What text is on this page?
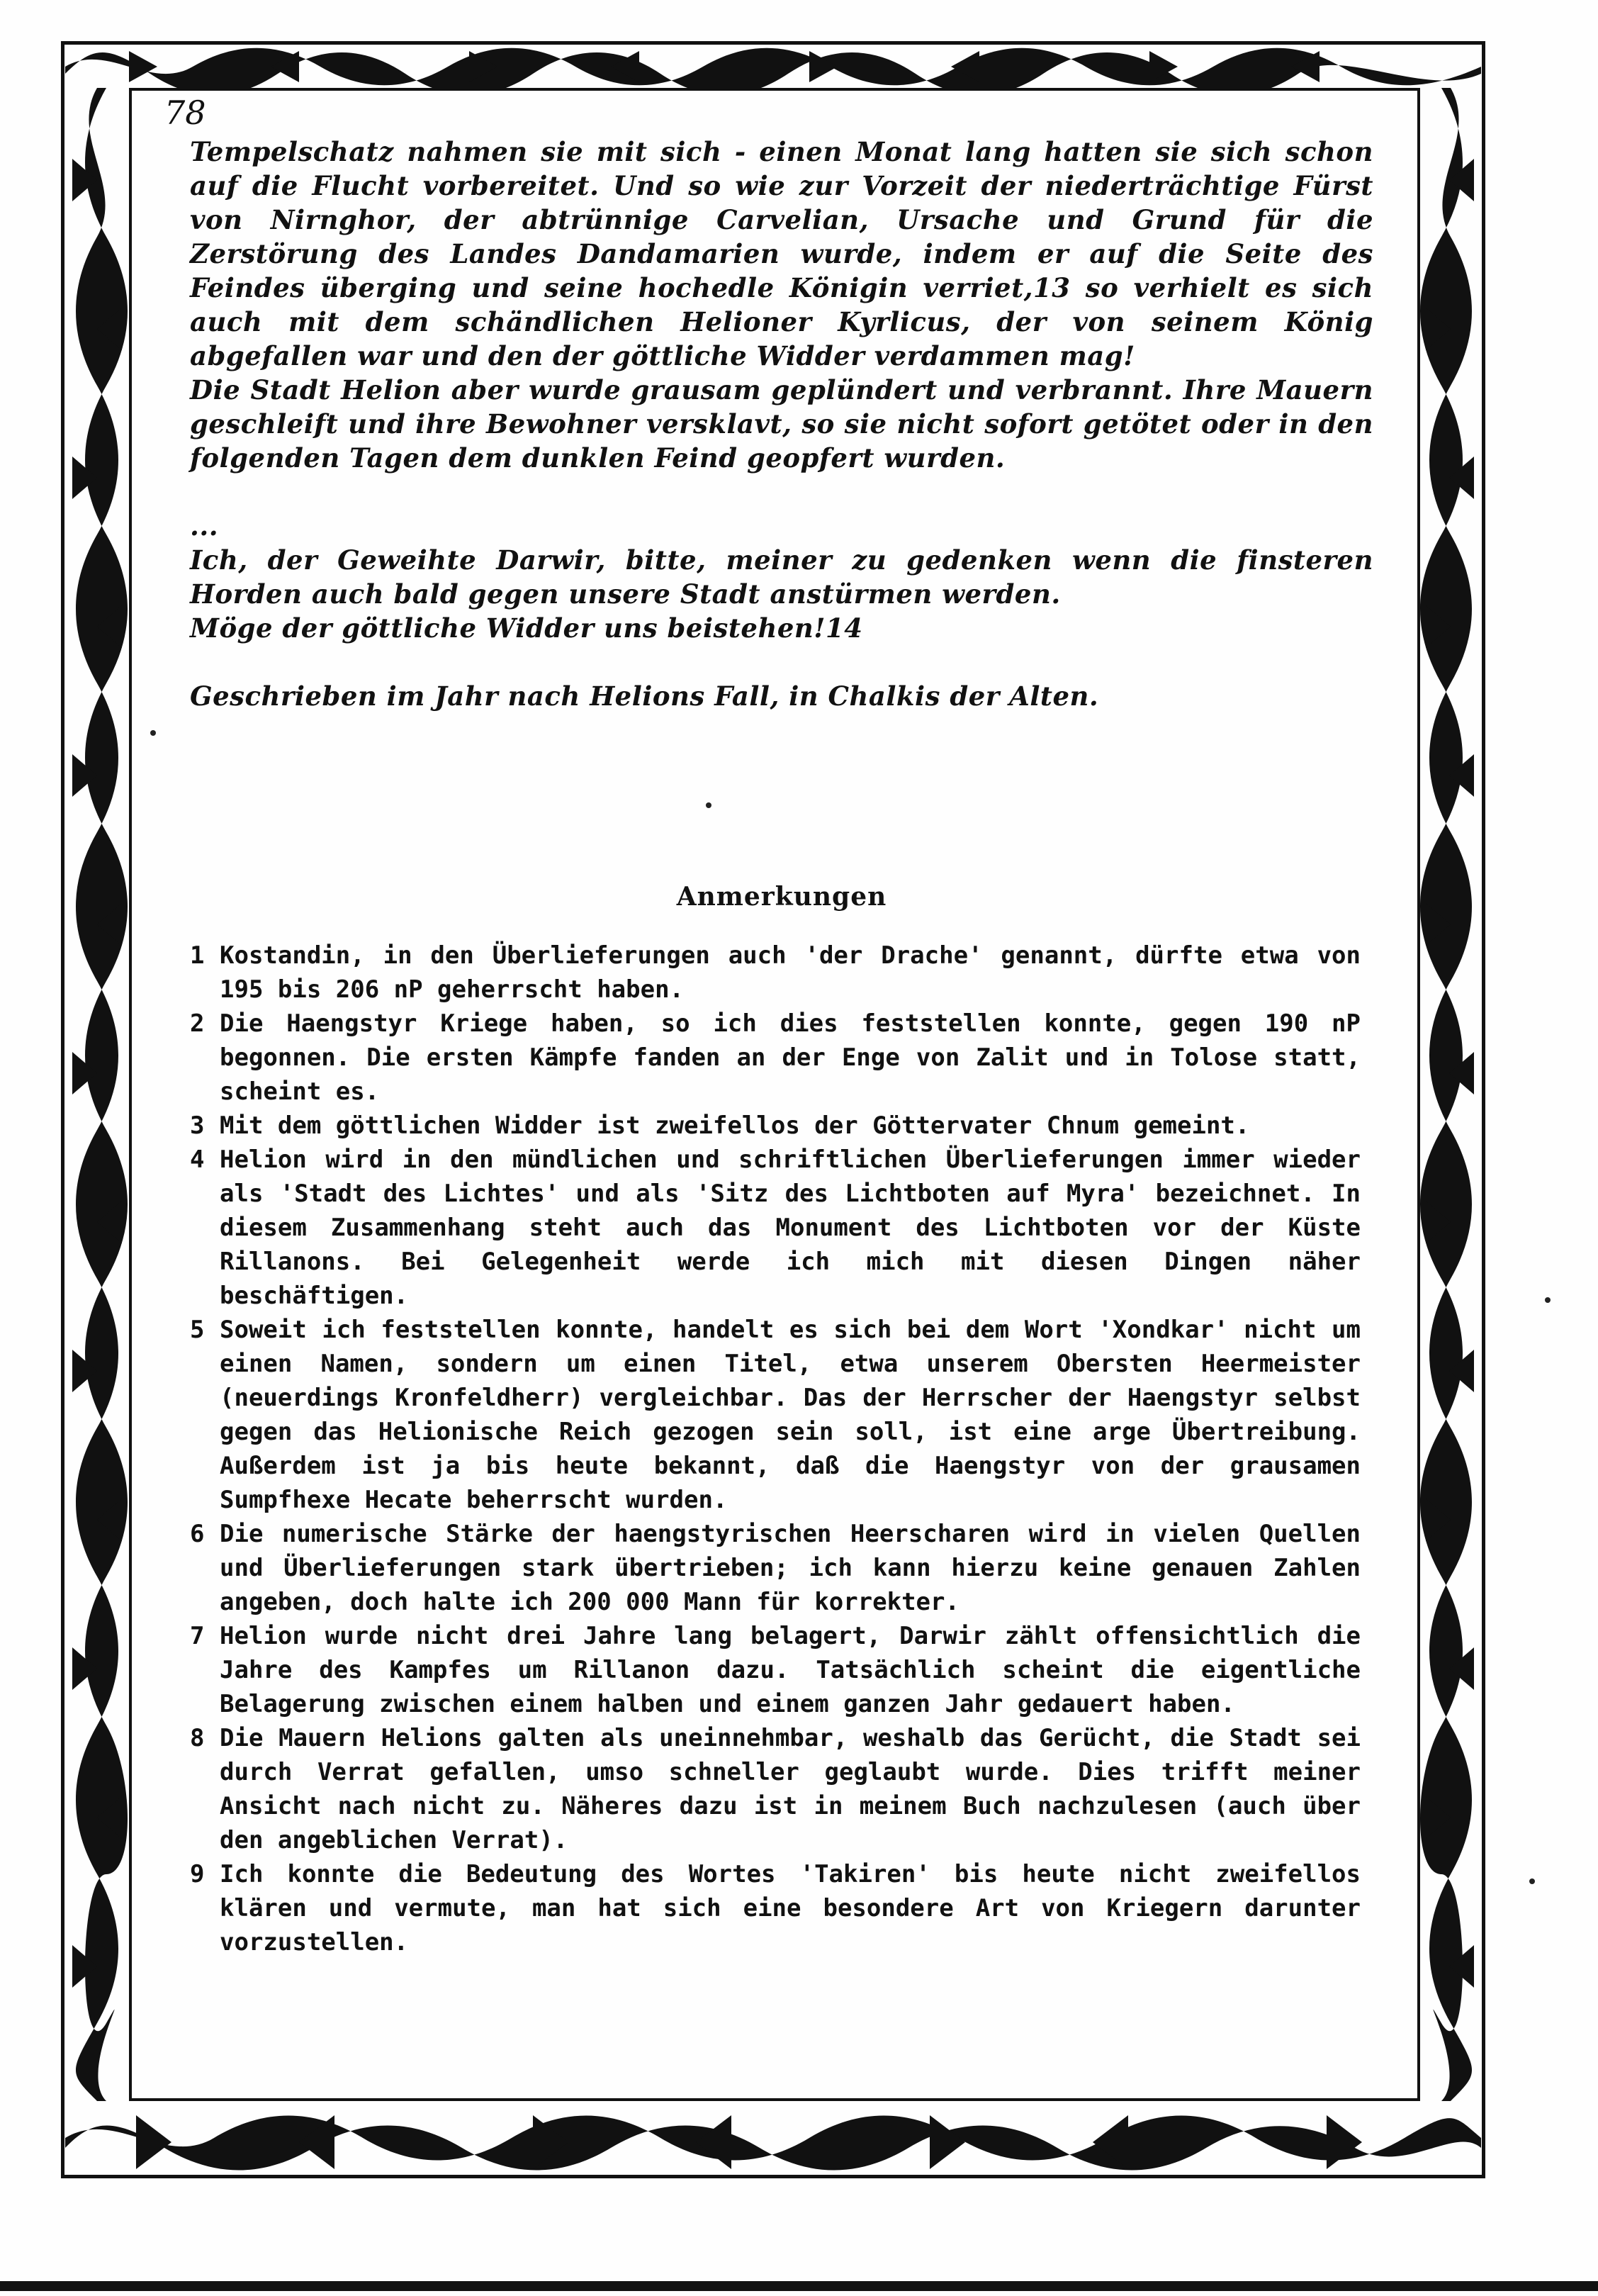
78

Tempelschatz nahmen sie mit sich - einen Monat lang hatten sie sich schon auf die Flucht vorbereitet. Und so wie zur Vorzeit der niederträchtige Fürst von Nirnghor, der abtrünnige Carvelian, Ursache und Grund für die Zerstörung des Landes Dandamarien wurde, indem er auf die Seite des Feindes überging und seine hochedle Königin verriet,13 so verhielt es sich auch mit dem schändlichen Helioner Kyrlicus, der von seinem König abgefallen war und den der göttliche Widder verdammen mag!

Die Stadt Helion aber wurde grausam geplündert und verbrannt. Ihre Mauern geschleift und ihre Bewohner versklavt, so sie nicht sofort getötet oder in den folgenden Tagen dem dunklen Feind geopfert wurden.

...

Ich, der Geweihte Darwir, bitte, meiner zu gedenken wenn die finsteren Horden auch bald gegen unsere Stadt anstürmen werden.

Möge der göttliche Widder uns beistehen!14

Geschrieben im Jahr nach Helions Fall, in Chalkis der Alten.

Anmerkungen
1 Kostandin, in den Überlieferungen auch 'der Drache' genannt, dürfte etwa von 195 bis 206 nP geherrscht haben.
2 Die Haengstyr Kriege haben, so ich dies feststellen konnte, gegen 190 nP begonnen. Die ersten Kämpfe fanden an der Enge von Zalit und in Tolose statt, scheint es.
3 Mit dem göttlichen Widder ist zweifellos der Göttervater Chnum gemeint.
4 Helion wird in den mündlichen und schriftlichen Überlieferungen immer wieder als 'Stadt des Lichtes' und als 'Sitz des Lichtboten auf Myra' bezeichnet. In diesem Zusammenhang steht auch das Monument des Lichtboten vor der Küste Rillanons. Bei Gelegenheit werde ich mich mit diesen Dingen näher beschäftigen.
5 Soweit ich feststellen konnte, handelt es sich bei dem Wort 'Xondkar' nicht um einen Namen, sondern um einen Titel, etwa unserem Obersten Heermeister (neuerdings Kronfeldherr) vergleichbar. Das der Herrscher der Haengstyr selbst gegen das Helionische Reich gezogen sein soll, ist eine arge Übertreibung. Außerdem ist ja bis heute bekannt, daß die Haengstyr von der grausamen Sumpfhexe Hecate beherrscht wurden.
6 Die numerische Stärke der haengstyrischen Heerscharen wird in vielen Quellen und Überlieferungen stark übertrieben; ich kann hierzu keine genauen Zahlen angeben, doch halte ich 200 000 Mann für korrekter.
7 Helion wurde nicht drei Jahre lang belagert, Darwir zählt offensichtlich die Jahre des Kampfes um Rillanon dazu. Tatsächlich scheint die eigentliche Belagerung zwischen einem halben und einem ganzen Jahr gedauert haben.
8 Die Mauern Helions galten als uneinnehmbar, weshalb das Gerücht, die Stadt sei durch Verrat gefallen, umso schneller geglaubt wurde. Dies trifft meiner Ansicht nach nicht zu. Näheres dazu ist in meinem Buch nachzulesen (auch über den angeblichen Verrat).
9 Ich konnte die Bedeutung des Wortes 'Takiren' bis heute nicht zweifellos klären und vermute, man hat sich eine besondere Art von Kriegern darunter vorzustellen.
